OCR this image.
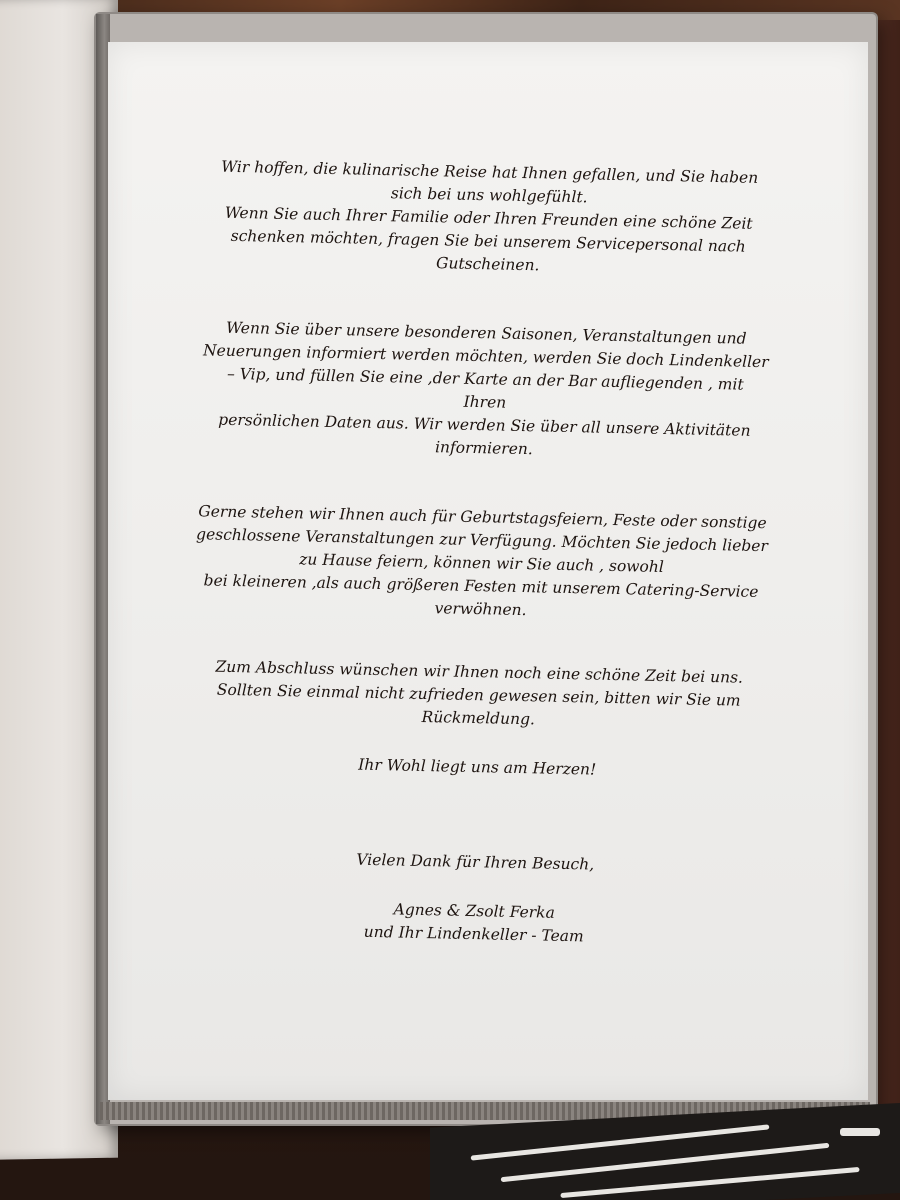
Wir hoffen, die kulinarische Reise hat Ihnen gefallen, und Sie haben
sich bei uns wohlgefühlt.
Wenn Sie auch Ihrer Familie oder Ihren Freunden eine schöne Zeit
schenken möchten, fragen Sie bei unserem Servicepersonal nach
Gutscheinen.
Wenn Sie über unsere besonderen Saisonen, Veranstaltungen und
Neuerungen informiert werden möchten, werden Sie doch Lindenkeller
– Vip, und füllen Sie eine ,der Karte an der Bar aufliegenden , mit
Ihren
persönlichen Daten aus. Wir werden Sie über all unsere Aktivitäten
informieren.
Gerne stehen wir Ihnen auch für Geburtstagsfeiern, Feste oder sonstige
geschlossene Veranstaltungen zur Verfügung. Möchten Sie jedoch lieber
zu Hause feiern, können wir Sie auch , sowohl
bei kleineren ,als auch größeren Festen mit unserem Catering-Service
verwöhnen.
Zum Abschluss wünschen wir Ihnen noch eine schöne Zeit bei uns.
Sollten Sie einmal nicht zufrieden gewesen sein, bitten wir Sie um
Rückmeldung.
Ihr Wohl liegt uns am Herzen!
Vielen Dank für Ihren Besuch,
Agnes & Zsolt Ferka
und Ihr Lindenkeller - Team
